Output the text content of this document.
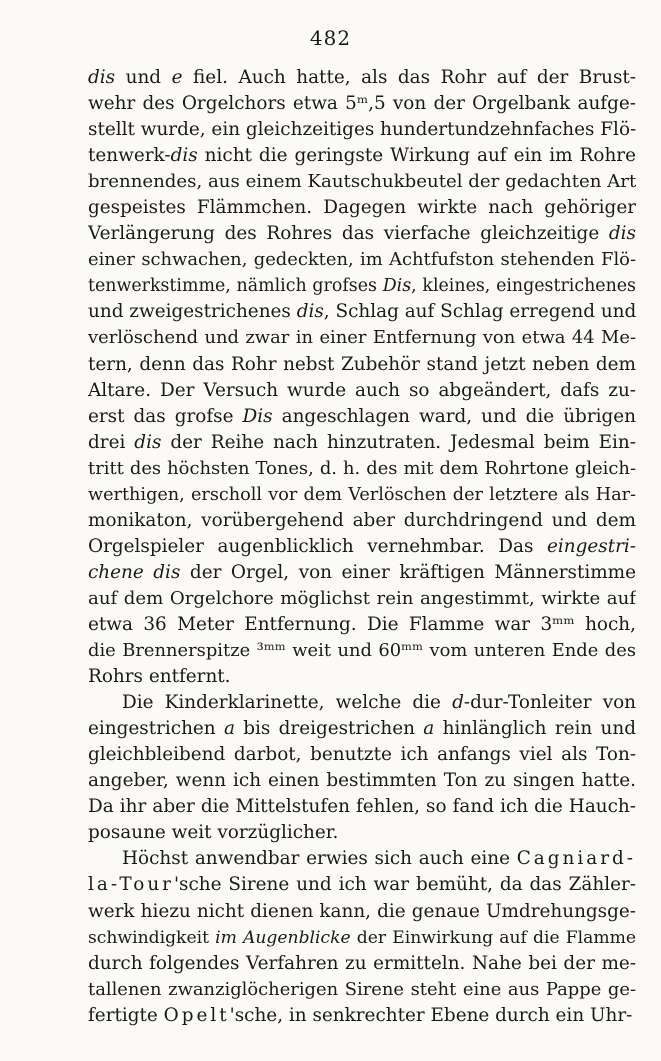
482
dis und e fiel. Auch hatte, als das Rohr auf der Brust-
wehr des Orgelchors etwa 5ᵐ,5 von der Orgelbank aufge-
stellt wurde, ein gleichzeitiges hundertundzehnfaches Flö-
tenwerk-dis nicht die geringste Wirkung auf ein im Rohre
brennendes, aus einem Kautschukbeutel der gedachten Art
gespeistes Flämmchen. Dagegen wirkte nach gehöriger
Verlängerung des Rohres das vierfache gleichzeitige dis
einer schwachen, gedeckten, im Achtfufston stehenden Flö-
tenwerkstimme, nämlich grofses Dis, kleines, eingestrichenes
und zweigestrichenes dis, Schlag auf Schlag erregend und
verlöschend und zwar in einer Entfernung von etwa 44 Me-
tern, denn das Rohr nebst Zubehör stand jetzt neben dem
Altare. Der Versuch wurde auch so abgeändert, dafs zu-
erst das grofse Dis angeschlagen ward, und die übrigen
drei dis der Reihe nach hinzutraten. Jedesmal beim Ein-
tritt des höchsten Tones, d. h. des mit dem Rohrtone gleich-
werthigen, erscholl vor dem Verlöschen der letztere als Har-
monikaton, vorübergehend aber durchdringend und dem
Orgelspieler augenblicklich vernehmbar. Das eingestri-
chene dis der Orgel, von einer kräftigen Männerstimme
auf dem Orgelchore möglichst rein angestimmt, wirkte auf
etwa 36 Meter Entfernung. Die Flamme war 3ᵐᵐ hoch,
die Brennerspitze ³ᵐᵐ weit und 60ᵐᵐ vom unteren Ende des
Rohrs entfernt.
Die Kinderklarinette, welche die d-dur-Tonleiter von
eingestrichen a bis dreigestrichen a hinlänglich rein und
gleichbleibend darbot, benutzte ich anfangs viel als Ton-
angeber, wenn ich einen bestimmten Ton zu singen hatte.
Da ihr aber die Mittelstufen fehlen, so fand ich die Hauch-
posaune weit vorzüglicher.
Höchst anwendbar erwies sich auch eine Cagniard-
la-Tour'sche Sirene und ich war bemüht, da das Zähler-
werk hiezu nicht dienen kann, die genaue Umdrehungsge-
schwindigkeit im Augenblicke der Einwirkung auf die Flamme
durch folgendes Verfahren zu ermitteln. Nahe bei der me-
tallenen zwanziglöcherigen Sirene steht eine aus Pappe ge-
fertigte Opelt'sche, in senkrechter Ebene durch ein Uhr-
